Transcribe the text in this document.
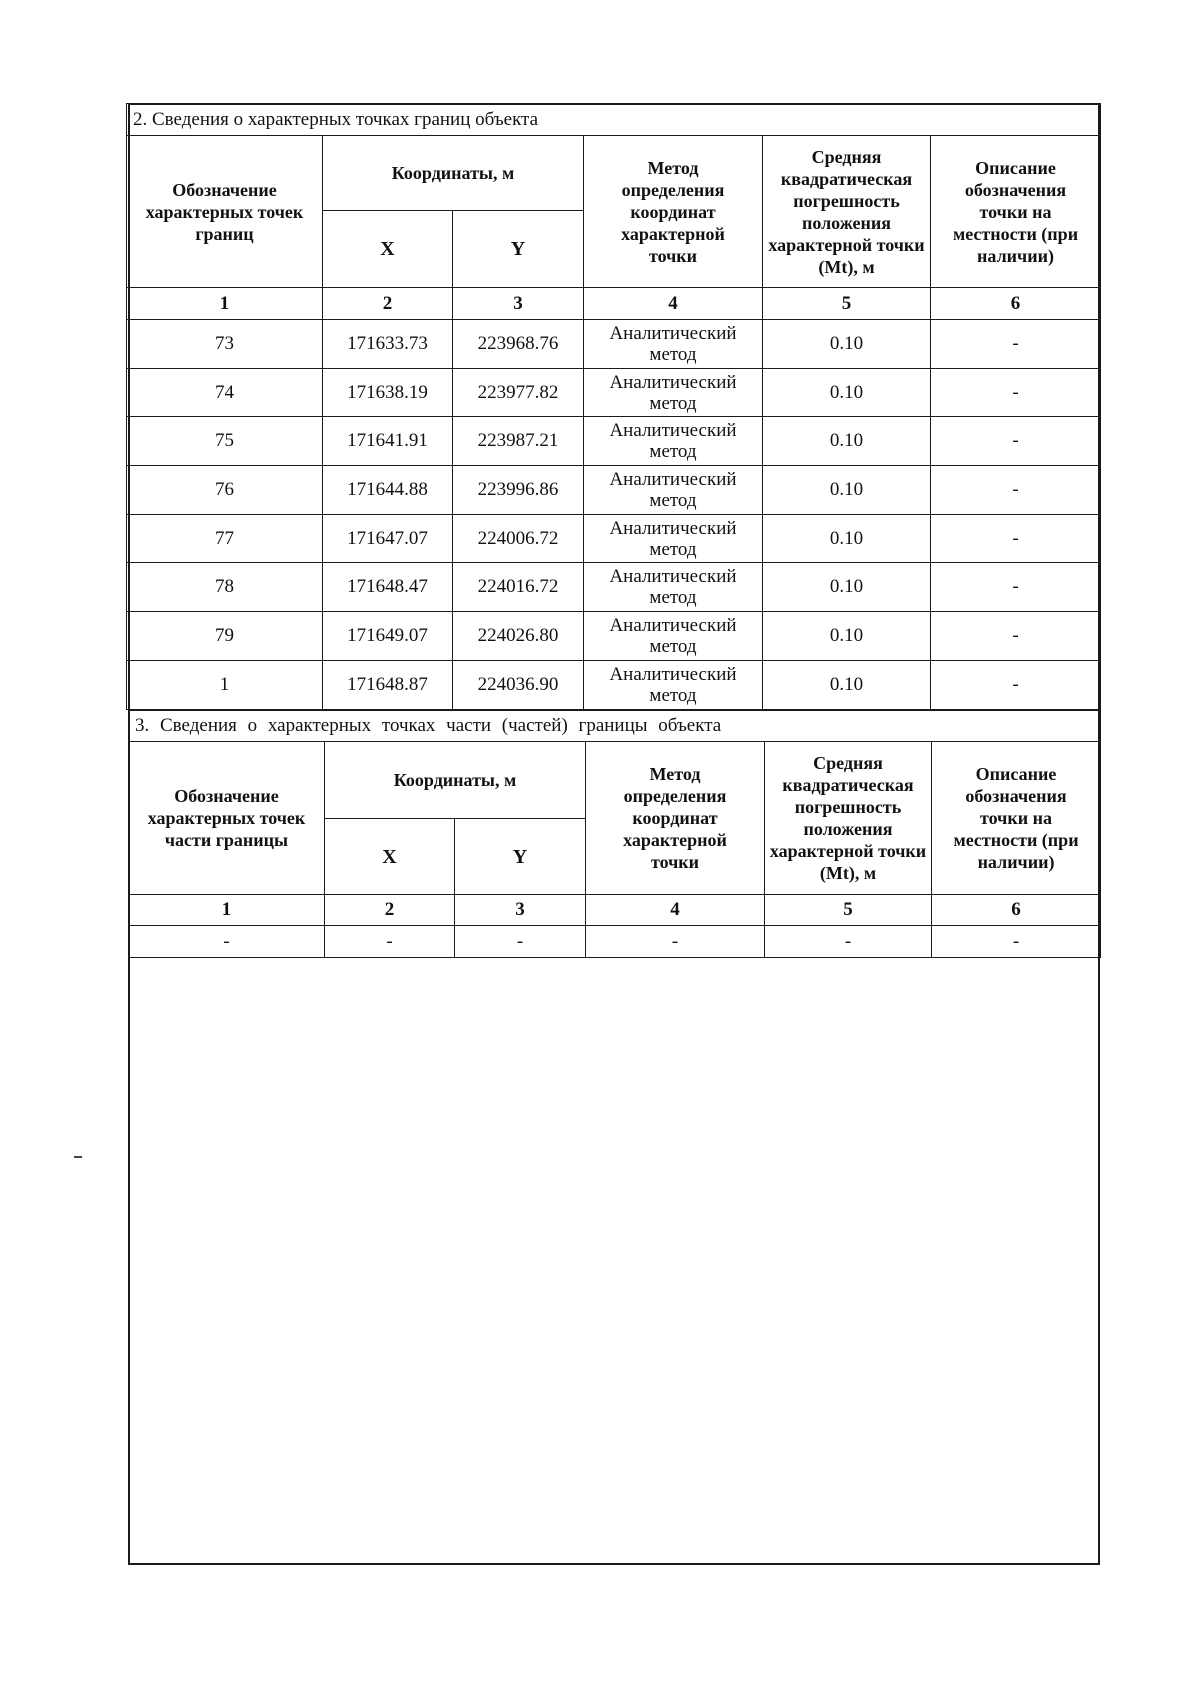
2. Сведения о характерных точках границ объекта					

Обозначение характерных точек границ	Координаты, м		Метод определения координат характерной точки	Средняя квадратическая погрешность положения характерной точки (Mt), м	Описание обозначения точки на местности (при наличии)

	X	Y			
1	2	3	4	5	6
73	171633.73	223968.76	Аналитический метод	0.10	-
74	171638.19	223977.82	Аналитический метод	0.10	-
75	171641.91	223987.21	Аналитический метод	0.10	-
76	171644.88	223996.86	Аналитический метод	0.10	-
77	171647.07	224006.72	Аналитический метод	0.10	-
78	171648.47	224016.72	Аналитический метод	0.10	-
79	171649.07	224026.80	Аналитический метод	0.10	-
1	171648.87	224036.90	Аналитический метод	0.10	-
3. Сведения о характерных точках части (частей) границы объекта					

Обозначение характерных точек части границы	Координаты, м		Метод определения координат характерной точки	Средняя квадратическая погрешность положения характерной точки (Mt), м	Описание обозначения точки на местности (при наличии)

	X	Y			
1	2	3	4	5	6
-	-	-	-	-	-
